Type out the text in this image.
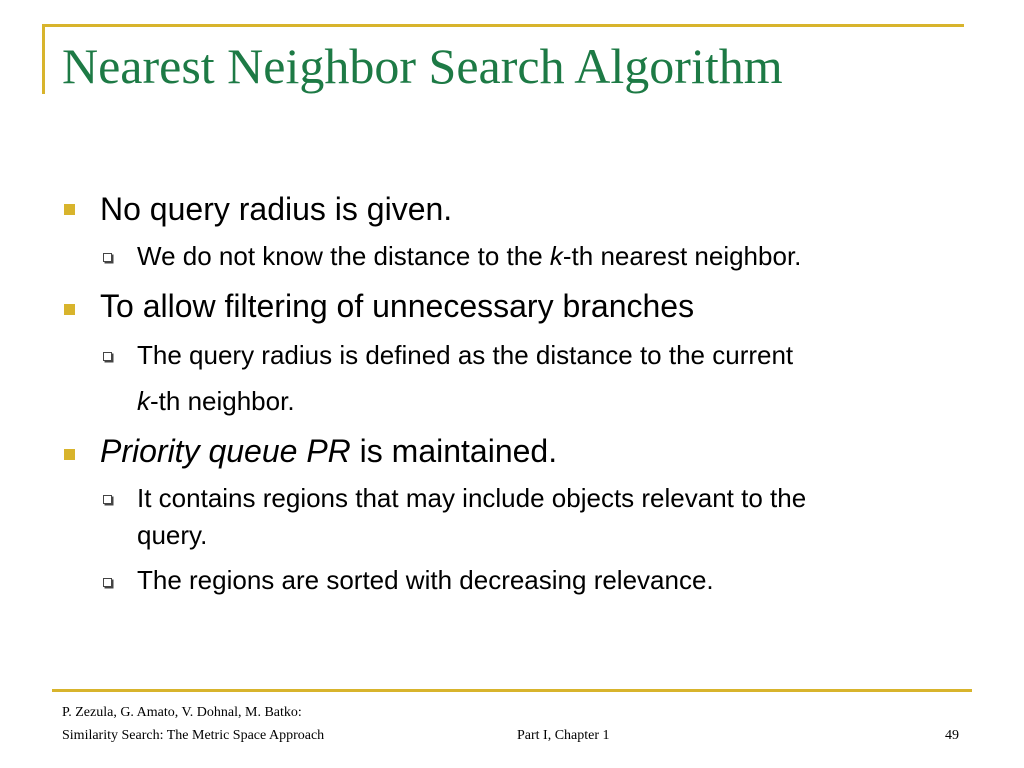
Nearest Neighbor Search Algorithm
No query radius is given.
We do not know the distance to the k-th nearest neighbor.
To allow filtering of unnecessary branches
The query radius is defined as the distance to the current
k-th neighbor.
Priority queue PR is maintained.
It contains regions that may include objects relevant to the
query.
The regions are sorted with decreasing relevance.
P. Zezula, G. Amato, V. Dohnal, M. Batko:
Similarity Search: The Metric Space Approach	Part I, Chapter 1	49
